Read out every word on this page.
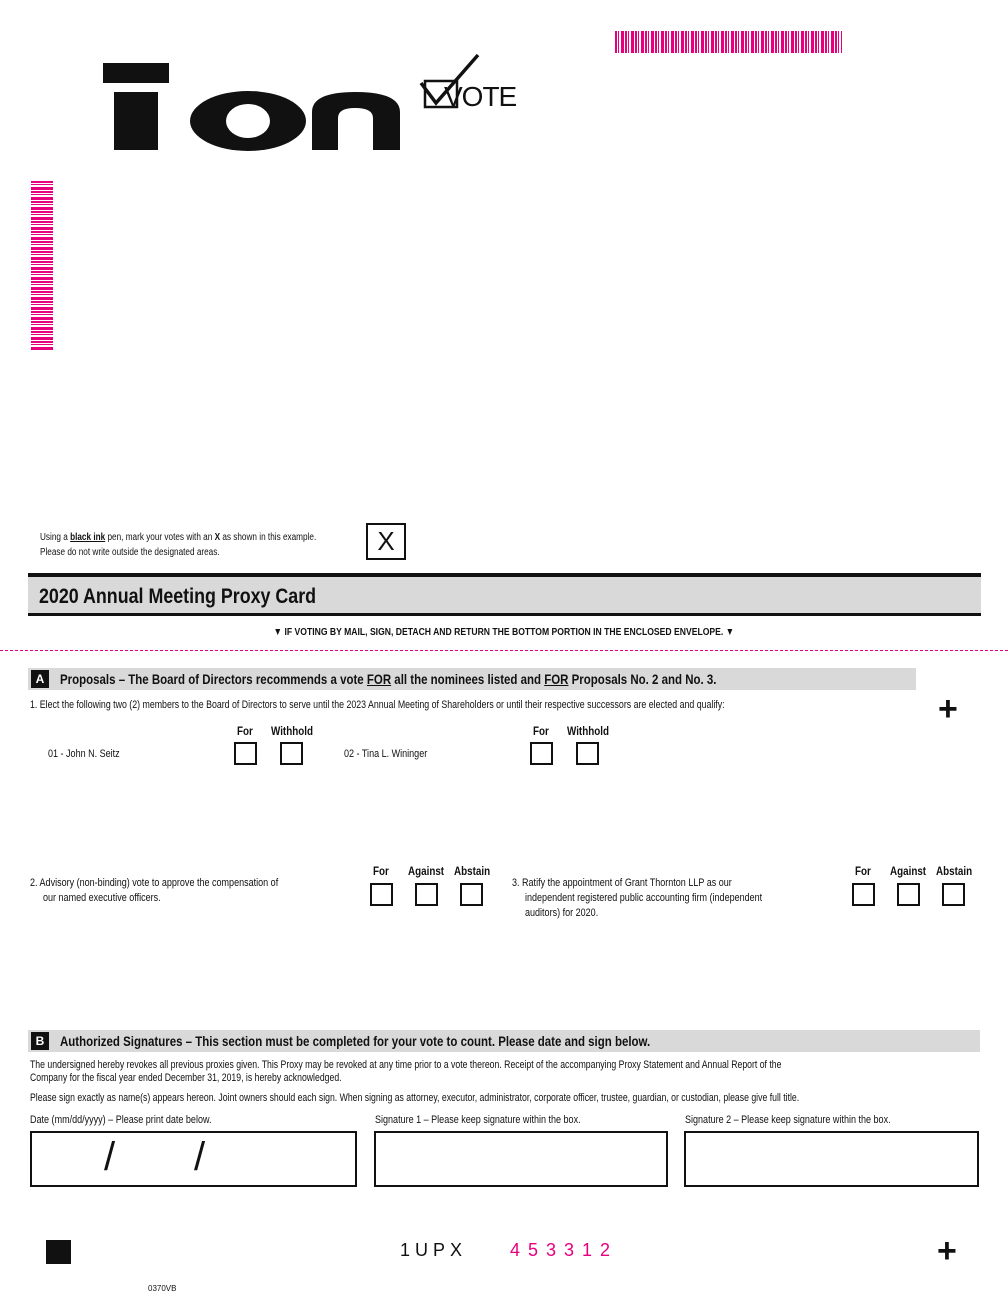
VOTE
Using a black ink pen, mark your votes with an X as shown in this example.
Please do not write outside the designated areas.	X
2020 Annual Meeting Proxy Card
▼ IF VOTING BY MAIL, SIGN, DETACH AND RETURN THE BOTTOM PORTION IN THE ENCLOSED ENVELOPE. ▼
A	Proposals – The Board of Directors recommends a vote FOR all the nominees listed and FOR Proposals No. 2 and No. 3.
+
1. Elect the following two (2) members to the Board of Directors to serve until the 2023 Annual Meeting of Shareholders or until their respective successors are elected and qualify:
For Withhold
01 - John N. Seitz
For Withhold
02 - Tina L. Wininger
For Against Abstain
2. Advisory (non-binding) vote to approve the compensation of
our named executive officers.
For Against Abstain
3. Ratify the appointment of Grant Thornton LLP as our
independent registered public accounting firm (independent
auditors) for 2020.
B	Authorized Signatures – This section must be completed for your vote to count. Please date and sign below.
The undersigned hereby revokes all previous proxies given. This Proxy may be revoked at any time prior to a vote thereon. Receipt of the accompanying Proxy Statement and Annual Report of the
Company for the fiscal year ended December 31, 2019, is hereby acknowledged.
Please sign exactly as name(s) appears hereon. Joint owners should each sign. When signing as attorney, executor, administrator, corporate officer, trustee, guardian, or custodian, please give full title.
Date (mm/dd/yyyy) – Please print date below.	Signature 1 – Please keep signature within the box.	Signature 2 – Please keep signature within the box.
/ /
1UPX 453312	+
0370VB
